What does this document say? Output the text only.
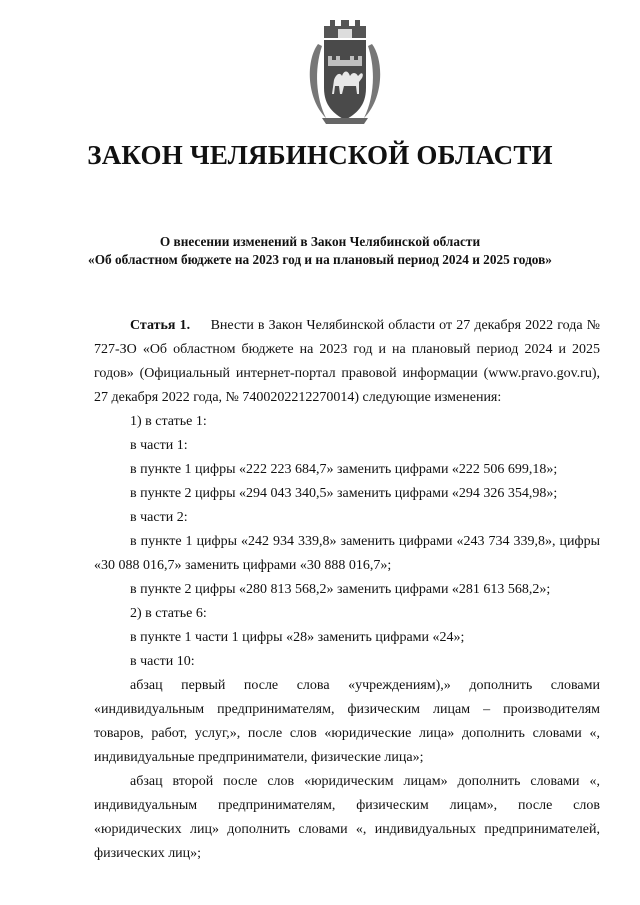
ЗАКОН ЧЕЛЯБИНСКОЙ ОБЛАСТИ
О внесении изменений в Закон Челябинской области
«Об областном бюджете на 2023 год и на плановый период 2024 и 2025 годов»

Статья 1. Внести в Закон Челябинской области от 27 декабря 2022 года № 727-ЗО «Об областном бюджете на 2023 год и на плановый период 2024 и 2025 годов» (Официальный интернет-портал правовой информации (www.pravo.gov.ru), 27 декабря 2022 года, № 7400202212270014) следующие изменения:

1) в статье 1:

в части 1:

в пункте 1 цифры «222 223 684,7» заменить цифрами «222 506 699,18»;

в пункте 2 цифры «294 043 340,5» заменить цифрами «294 326 354,98»;

в части 2:

в пункте 1 цифры «242 934 339,8» заменить цифрами «243 734 339,8», цифры «30 088 016,7» заменить цифрами «30 888 016,7»;

в пункте 2 цифры «280 813 568,2» заменить цифрами «281 613 568,2»;

2) в статье 6:

в пункте 1 части 1 цифры «28» заменить цифрами «24»;

в части 10:

абзац первый после слова «учреждениям),» дополнить словами «индивидуальным предпринимателям, физическим лицам – производителям товаров, работ, услуг,», после слов «юридические лица» дополнить словами «, индивидуальные предприниматели, физические лица»;

абзац второй после слов «юридическим лицам» дополнить словами «, индивидуальным предпринимателям, физическим лицам», после слов «юридических лиц» дополнить словами «, индивидуальных предпринимателей, физических лиц»;
